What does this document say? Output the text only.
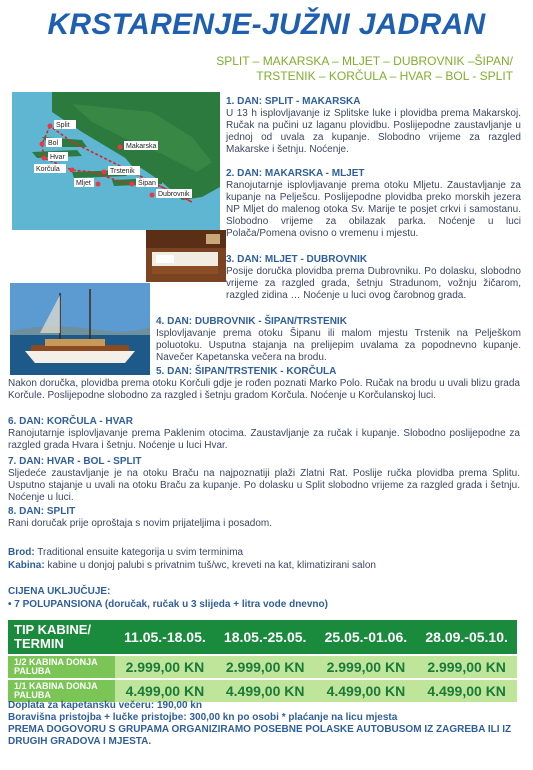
KRSTARENJE-JUŽNI JADRAN
SPLIT – MAKARSKA – MLJET – DUBROVNIK –ŠIPAN/
TRSTENIK – KORČULA – HVAR – BOL - SPLIT
Split
Bol
Hvar
Makarska
Korčula	Trstenik
Mljet	Šipan
Dubrovnik
1. DAN: SPLIT - MAKARSKA
U 13 h isplovljavanje iz Splitske luke i plovidba prema Makarskoj. Ručak na pučini uz laganu plovidbu. Poslijepodne zaustavljanje u jednoj od uvala za kupanje. Slobodno vrijeme za razgled Makarske i šetnju. Noćenje.
2. DAN: MAKARSKA - MLJET
Ranojutarnje isplovljavanje prema otoku Mljetu. Zaustavljanje za kupanje na Pelješcu. Poslijepodne plovidba preko morskih jezera NP Mljet do malenog otoka Sv. Marije te posjet crkvi i samostanu. Slobodno vrijeme za obilazak parka. Noćenje u luci Polača/Pomena ovisno o vremenu i mjestu.
3. DAN: MLJET - DUBROVNIK
Posije doručka plovidba prema Dubrovniku. Po dolasku, slobodno vrijeme za razgled grada, šetnju Stradunom, vožnju žičarom, razgled zidina … Noćenje u luci ovog čarobnog grada.
4. DAN: DUBROVNIK - ŠIPAN/TRSTENIK
Isplovljavanje prema otoku Šipanu ili malom mjestu Trstenik na Pelješkom poluotoku. Usputna stajanja na prelijepim uvalama za popodnevno kupanje. Navečer Kapetanska večera na brodu.
5. DAN: ŠIPAN/TRSTENIK - KORČULA
Nakon doručka, plovidba prema otoku Korčuli gdje je rođen poznati Marko Polo. Ručak na brodu u uvali blizu grada Korčule. Poslijepodne slobodno za razgled i šetnju gradom Korčula. Noćenje u Korčulanskoj luci.
6. DAN: KORČULA - HVAR
Ranojutarnje isplovljavanje prema Paklenim otocima. Zaustavljanje za ručak i kupanje. Slobodno poslijepodne za razgled grada Hvara i šetnju. Noćenje u luci Hvar.
7. DAN: HVAR - BOL - SPLIT
Sljedeće zaustavljanje je na otoku Braču na najpoznatiji plaži Zlatni Rat. Poslije ručka plovidba prema Splitu. Usputno stajanje u uvali na otoku Braču za kupanje. Po dolasku u Split slobodno vrijeme za razgled grada i šetnju. Noćenje u luci.
8. DAN: SPLIT
Rani doručak prije oproštaja s novim prijateljima i posadom.
Brod: Traditional ensuite kategorija u svim terminima
Kabina: kabine u donjoj palubi s privatnim tuš/wc, kreveti na kat, klimatizirani salon
CIJENA UKLJUČUJE:
• 7 POLUPANSIONA (doručak, ručak u 3 slijeda + litra vode dnevno)
TIP KABINE/ TERMIN	11.05.-18.05.	18.05.-25.05.	25.05.-01.06.	28.09.-05.10.
1/2 KABINA DONJA PALUBA	2.999,00 KN	2.999,00 KN	2.999,00 KN	2.999,00 KN
1/1 KABINA DONJA PALUBA	4.499,00 KN	4.499,00 KN	4.499,00 KN	4.499,00 KN
Doplata za kapetansku večeru: 190,00 kn
Boravišna pristojba + lučke pristojbe: 300,00 kn po osobi * plaćanje na licu mjesta
PREMA DOGOVORU S GRUPAMA ORGANIZIRAMO POSEBNE POLASKE AUTOBUSOM IZ ZAGREBA ILI IZ DRUGIH GRADOVA I MJESTA.
